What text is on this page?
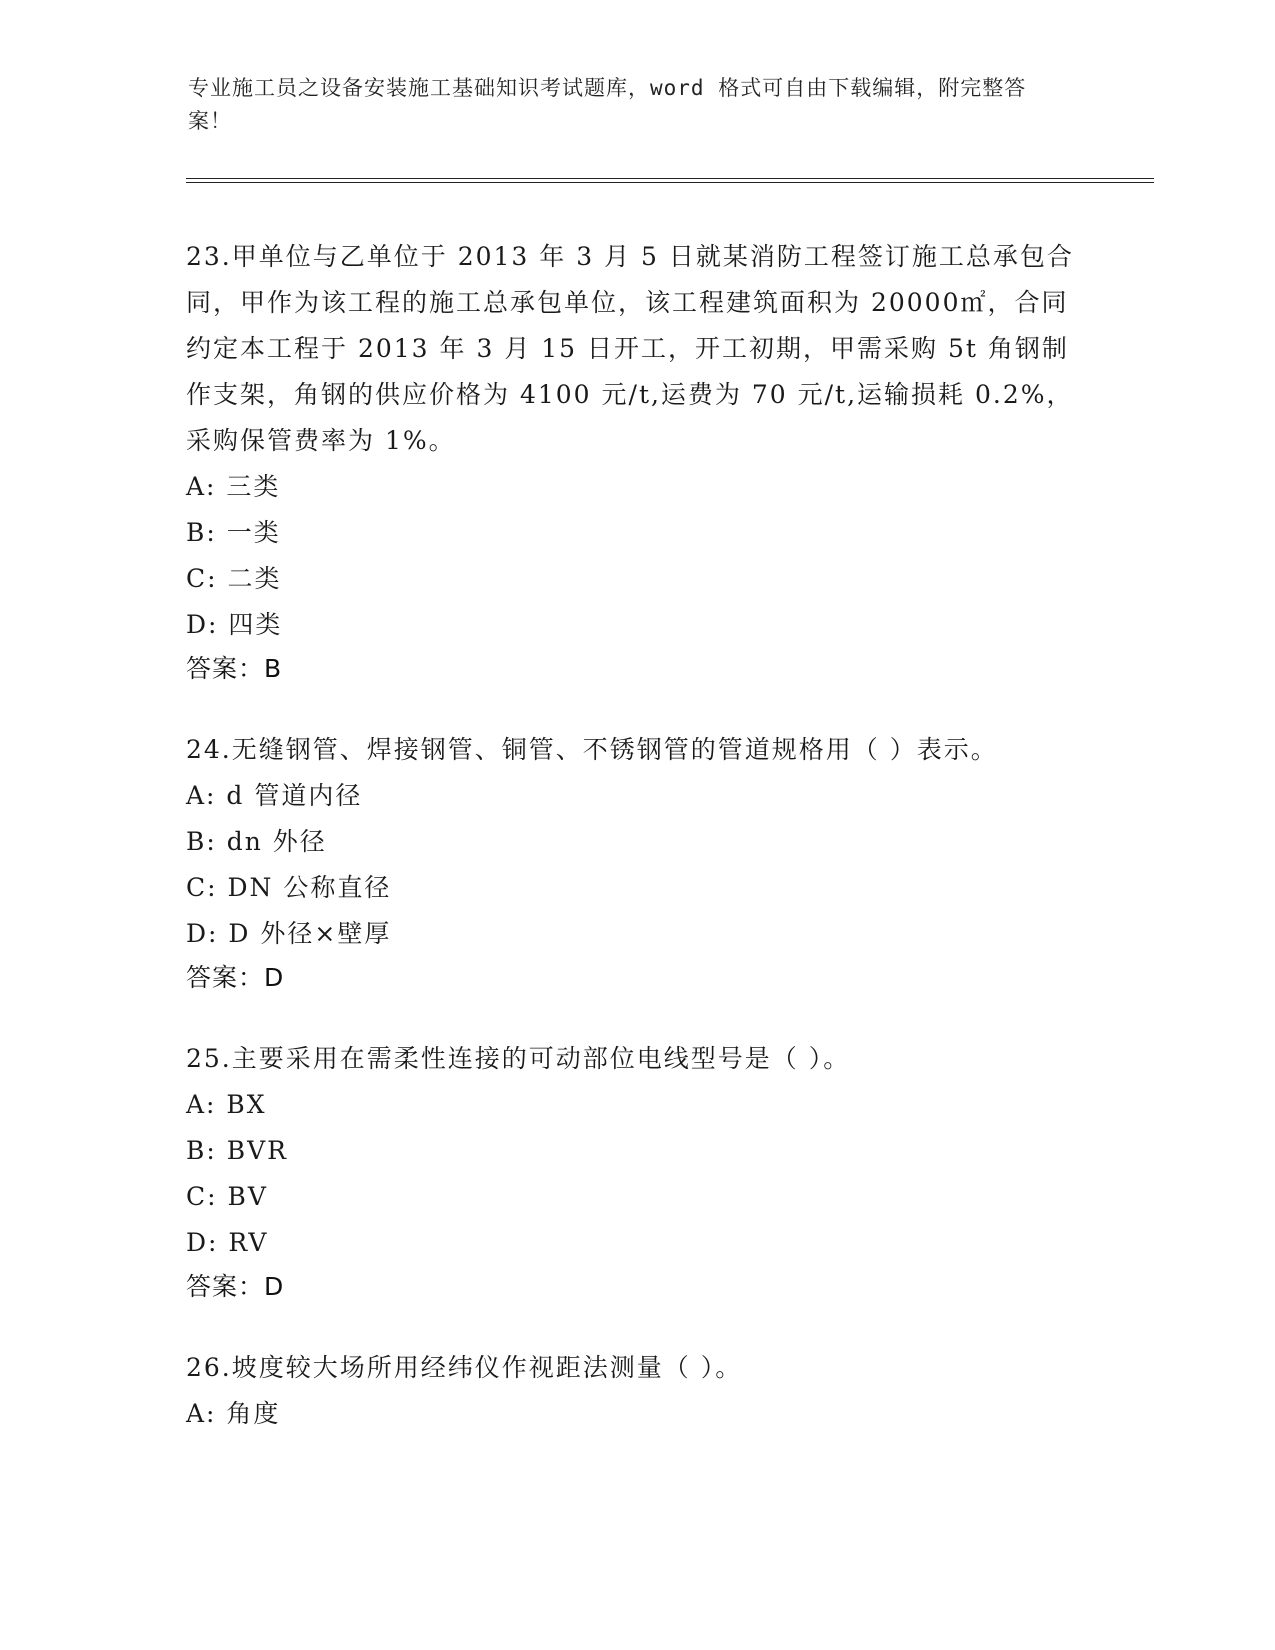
专业施工员之设备安装施工基础知识考试题库，word 格式可自由下载编辑，附完整答案！
23.甲单位与乙单位于 2013 年 3 月 5 日就某消防工程签订施工总承包合同，甲作为该工程的施工总承包单位，该工程建筑面积为 20000㎡，合同约定本工程于 2013 年 3 月 15 日开工，开工初期，甲需采购 5t 角钢制作支架，角钢的供应价格为 4100 元/t,运费为 70 元/t,运输损耗 0.2%，采购保管费率为 1%。
A: 三类
B: 一类
C: 二类
D: 四类
答案：B
24.无缝钢管、焊接钢管、铜管、不锈钢管的管道规格用（ ）表示。
A: d 管道内径
B: dn 外径
C: DN 公称直径
D: D 外径×壁厚
答案：D
25.主要采用在需柔性连接的可动部位电线型号是（ ）。
A: BX
B: BVR
C: BV
D: RV
答案：D
26.坡度较大场所用经纬仪作视距法测量（ ）。
A: 角度
